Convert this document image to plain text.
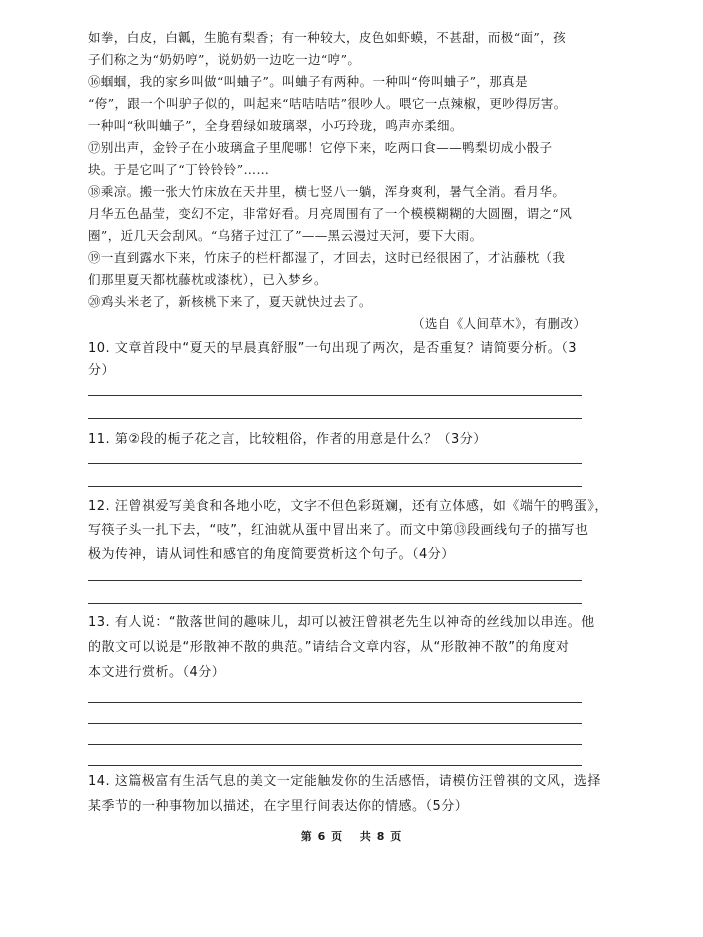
如拳，白皮，白瓤，生脆有梨香；有一种较大，皮色如虾蟆，不甚甜，而极“面”，孩
子们称之为“奶奶哼”，说奶奶一边吃一边“哼”。
⑯蝈蝈，我的家乡叫做“叫蛐子”。叫蛐子有两种。一种叫“侉叫蛐子”，那真是
“侉”，跟一个叫驴子似的，叫起来“咭咭咭咭”很吵人。喂它一点辣椒，更吵得厉害。
一种叫“秋叫蛐子”，全身碧绿如玻璃翠，小巧玲珑，鸣声亦柔细。
⑰别出声，金铃子在小玻璃盒子里爬哪！它停下来，吃两口食——鸭梨切成小骰子
块。于是它叫了“丁铃铃铃”……
⑱乘凉。搬一张大竹床放在天井里，横七竖八一躺，浑身爽利，暑气全消。看月华。
月华五色晶莹，变幻不定，非常好看。月亮周围有了一个模模糊糊的大圆圈，谓之“风
圈”，近几天会刮风。“乌猪子过江了”——黑云漫过天河，要下大雨。
⑲一直到露水下来，竹床子的栏杆都湿了，才回去，这时已经很困了，才沾藤枕（我
们那里夏天都枕藤枕或漆枕），已入梦乡。
⑳鸡头米老了，新核桃下来了，夏天就快过去了。
（选自《人间草木》，有删改）
10. 文章首段中“夏天的早晨真舒服”一句出现了两次，是否重复？请简要分析。（3
分）
11. 第②段的栀子花之言，比较粗俗，作者的用意是什么？（3分）
12. 汪曾祺爱写美食和各地小吃，文字不但色彩斑斓，还有立体感，如《端午的鸭蛋》，
写筷子头一扎下去，“吱”，红油就从蛋中冒出来了。而文中第⑬段画线句子的描写也
极为传神，请从词性和感官的角度简要赏析这个句子。（4分）
13. 有人说：“散落世间的趣味儿，却可以被汪曾祺老先生以神奇的丝线加以串连。他
的散文可以说是“形散神不散的典范。”请结合文章内容，从“形散神不散”的角度对
本文进行赏析。（4分）
14. 这篇极富有生活气息的美文一定能触发你的生活感悟，请模仿汪曾祺的文风，选择
某季节的一种事物加以描述，在字里行间表达你的情感。（5分）
第 6 页 共 8 页
